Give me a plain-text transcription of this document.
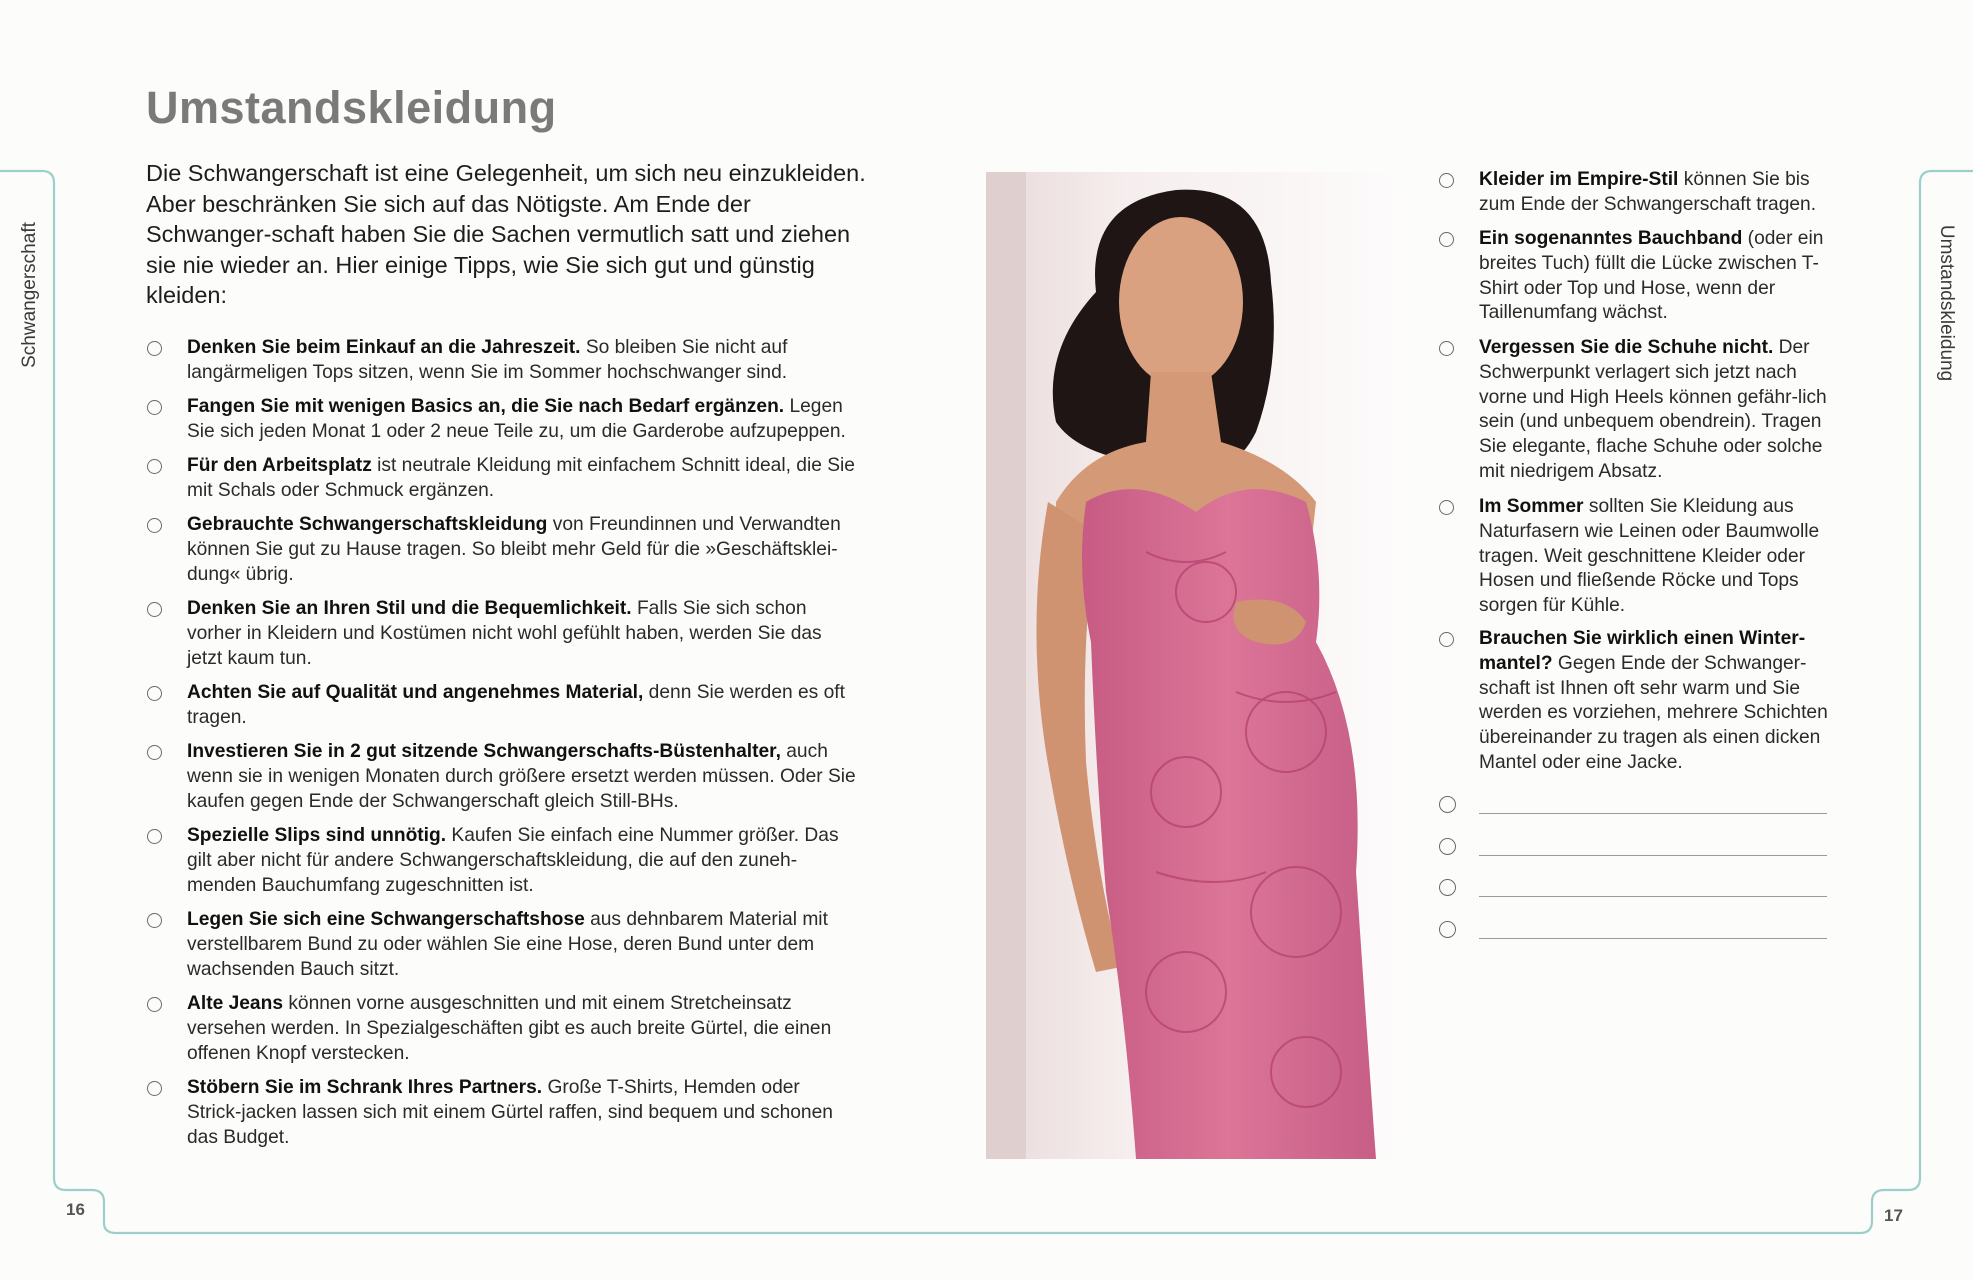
Schwangerschaft	Umstandskleidung
16	17
Umstandskleidung

Die Schwangerschaft ist eine Gelegenheit, um sich neu einzukleiden. Aber beschränken Sie sich auf das Nötigste. Am Ende der Schwanger-schaft haben Sie die Sachen vermutlich satt und ziehen sie nie wieder an. Hier einige Tipps, wie Sie sich gut und günstig kleiden:

Denken Sie beim Einkauf an die Jahreszeit. So bleiben Sie nicht auf langärmeligen Tops sitzen, wenn Sie im Sommer hochschwanger sind.
Fangen Sie mit wenigen Basics an, die Sie nach Bedarf ergänzen. Legen Sie sich jeden Monat 1 oder 2 neue Teile zu, um die Garderobe aufzupeppen.
Für den Arbeitsplatz ist neutrale Kleidung mit einfachem Schnitt ideal, die Sie mit Schals oder Schmuck ergänzen.
Gebrauchte Schwangerschaftskleidung von Freundinnen und Verwandten können Sie gut zu Hause tragen. So bleibt mehr Geld für die »Geschäftsklei-dung« übrig.
Denken Sie an Ihren Stil und die Bequemlichkeit. Falls Sie sich schon vorher in Kleidern und Kostümen nicht wohl gefühlt haben, werden Sie das jetzt kaum tun.
Achten Sie auf Qualität und angenehmes Material, denn Sie werden es oft tragen.
Investieren Sie in 2 gut sitzende Schwangerschafts-Büstenhalter, auch wenn sie in wenigen Monaten durch größere ersetzt werden müssen. Oder Sie kaufen gegen Ende der Schwangerschaft gleich Still-BHs.
Spezielle Slips sind unnötig. Kaufen Sie einfach eine Nummer größer. Das gilt aber nicht für andere Schwangerschaftskleidung, die auf den zuneh-menden Bauchumfang zugeschnitten ist.
Legen Sie sich eine Schwangerschaftshose aus dehnbarem Material mit verstellbarem Bund zu oder wählen Sie eine Hose, deren Bund unter dem wachsenden Bauch sitzt.
Alte Jeans können vorne ausgeschnitten und mit einem Stretcheinsatz versehen werden. In Spezialgeschäften gibt es auch breite Gürtel, die einen offenen Knopf verstecken.
Stöbern Sie im Schrank Ihres Partners. Große T-Shirts, Hemden oder Strick-jacken lassen sich mit einem Gürtel raffen, sind bequem und schonen das Budget.
Kleider im Empire-Stil können Sie bis zum Ende der Schwangerschaft tragen.
Ein sogenanntes Bauchband (oder ein breites Tuch) füllt die Lücke zwischen T-Shirt oder Top und Hose, wenn der Taillenumfang wächst.
Vergessen Sie die Schuhe nicht. Der Schwerpunkt verlagert sich jetzt nach vorne und High Heels können gefähr-lich sein (und unbequem obendrein). Tragen Sie elegante, flache Schuhe oder solche mit niedrigem Absatz.
Im Sommer sollten Sie Kleidung aus Naturfasern wie Leinen oder Baumwolle tragen. Weit geschnittene Kleider oder Hosen und fließende Röcke und Tops sorgen für Kühle.
Brauchen Sie wirklich einen Winter-mantel? Gegen Ende der Schwanger-schaft ist Ihnen oft sehr warm und Sie werden es vorziehen, mehrere Schichten übereinander zu tragen als einen dicken Mantel oder eine Jacke.
